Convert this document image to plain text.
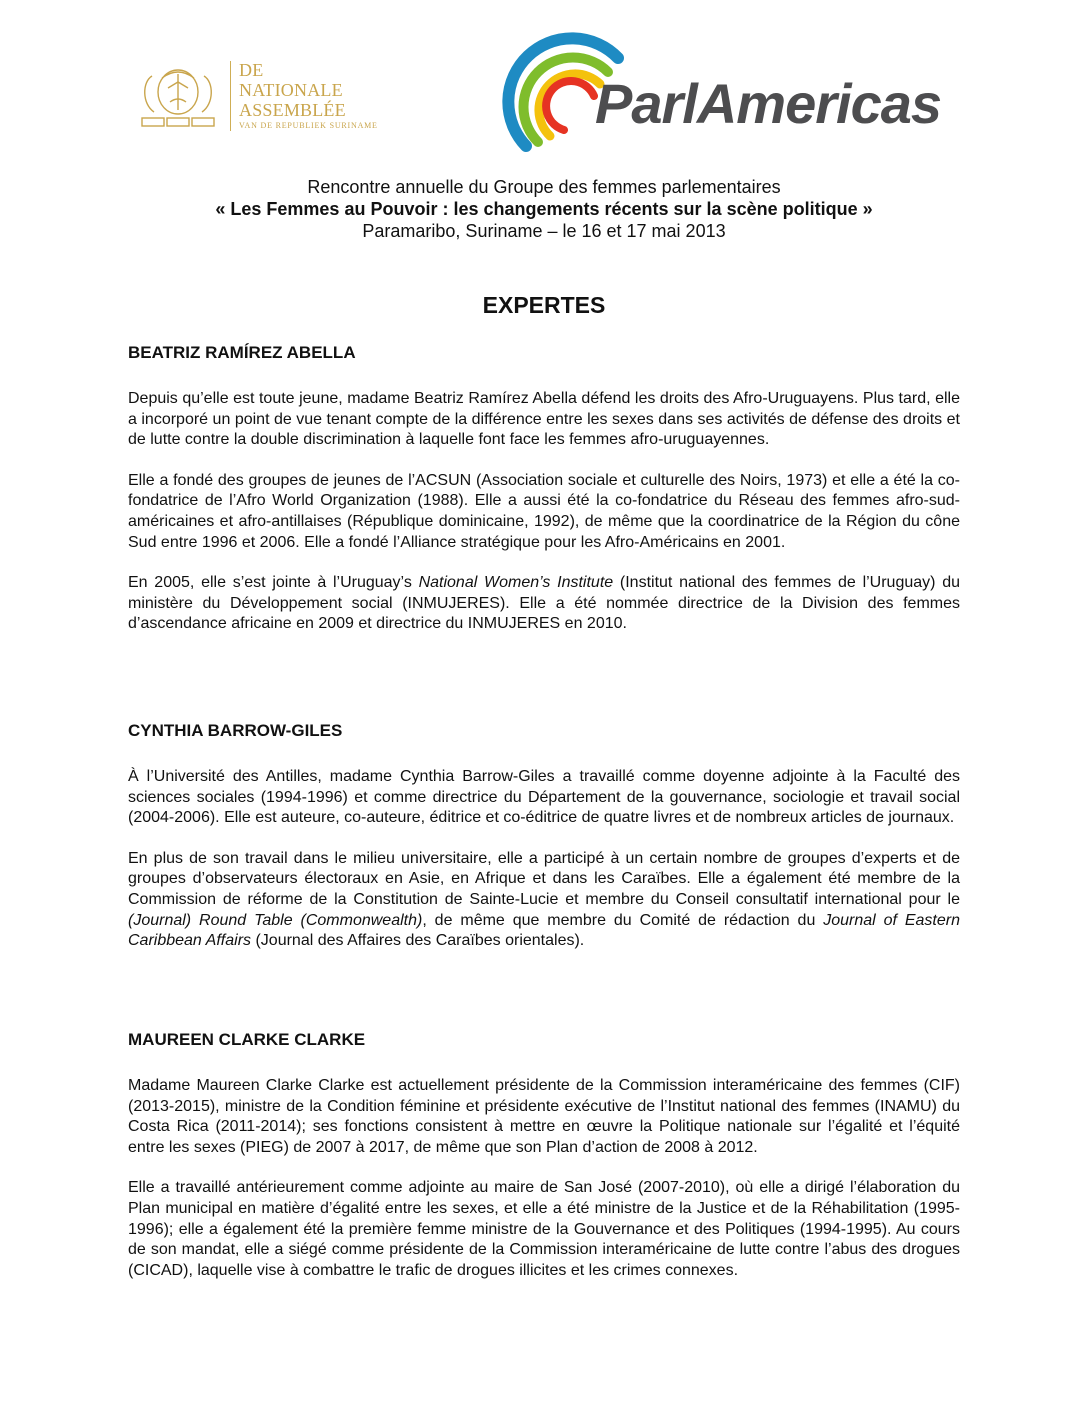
DE
NATIONALE
ASSEMBLÉE
VAN DE REPUBLIEK SURINAME	ParlAmericas
Rencontre annuelle du Groupe des femmes parlementaires
« Les Femmes au Pouvoir : les changements récents sur la scène politique »
Paramaribo, Suriname – le 16 et 17 mai 2013
EXPERTES
BEATRIZ RAMÍREZ ABELLA

Depuis qu’elle est toute jeune, madame Beatriz Ramírez Abella défend les droits des Afro-Uruguayens. Plus tard, elle a incorporé un point de vue tenant compte de la différence entre les sexes dans ses activités de défense des droits et de lutte contre la double discrimination à laquelle font face les femmes afro-uruguayennes.

Elle a fondé des groupes de jeunes de l’ACSUN (Association sociale et culturelle des Noirs, 1973) et elle a été la co-fondatrice de l’Afro World Organization (1988). Elle a aussi été la co-fondatrice du Réseau des femmes afro-sud-américaines et afro-antillaises (République dominicaine, 1992), de même que la coordinatrice de la Région du cône Sud entre 1996 et 2006. Elle a fondé l’Alliance stratégique pour les Afro-Américains en 2001.

En 2005, elle s’est jointe à l’Uruguay’s National Women’s Institute (Institut national des femmes de l’Uruguay) du ministère du Développement social (INMUJERES). Elle a été nommée directrice de la Division des femmes d’ascendance africaine en 2009 et directrice du INMUJERES en 2010.

CYNTHIA BARROW-GILES

À l’Université des Antilles, madame Cynthia Barrow-Giles a travaillé comme doyenne adjointe à la Faculté des sciences sociales (1994-1996) et comme directrice du Département de la gouvernance, sociologie et travail social (2004-2006). Elle est auteure, co-auteure, éditrice et co-éditrice de quatre livres et de nombreux articles de journaux.

En plus de son travail dans le milieu universitaire, elle a participé à un certain nombre de groupes d’experts et de groupes d’observateurs électoraux en Asie, en Afrique et dans les Caraïbes. Elle a également été membre de la Commission de réforme de la Constitution de Sainte-Lucie et membre du Conseil consultatif international pour le (Journal) Round Table (Commonwealth), de même que membre du Comité de rédaction du Journal of Eastern Caribbean Affairs (Journal des Affaires des Caraïbes orientales).

MAUREEN CLARKE CLARKE

Madame Maureen Clarke Clarke est actuellement présidente de la Commission interaméricaine des femmes (CIF) (2013-2015), ministre de la Condition féminine et présidente exécutive de l’Institut national des femmes (INAMU) du Costa Rica (2011-2014); ses fonctions consistent à mettre en œuvre la Politique nationale sur l’égalité et l’équité entre les sexes (PIEG) de 2007 à 2017, de même que son Plan d’action de 2008 à 2012.

Elle a travaillé antérieurement comme adjointe au maire de San José (2007-2010), où elle a dirigé l’élaboration du Plan municipal en matière d’égalité entre les sexes, et elle a été ministre de la Justice et de la Réhabilitation (1995-1996); elle a également été la première femme ministre de la Gouvernance et des Politiques (1994-1995). Au cours de son mandat, elle a siégé comme présidente de la Commission interaméricaine de lutte contre l’abus des drogues (CICAD), laquelle vise à combattre le trafic de drogues illicites et les crimes connexes.
